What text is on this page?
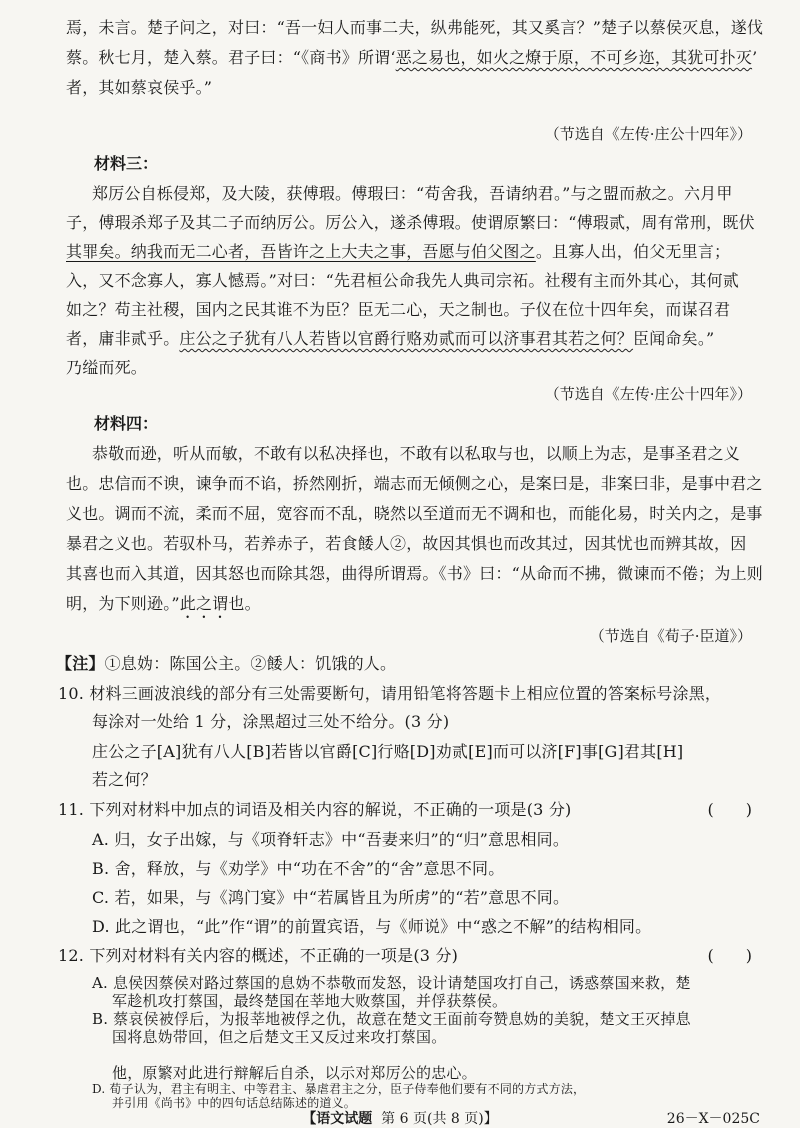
焉，未言。楚子问之，对曰：“吾一妇人而事二夫，纵弗能死，其又奚言？”楚子以蔡侯灭息，遂伐
蔡。秋七月，楚入蔡。君子曰：“《商书》所谓‘恶之易也，如火之燎于原，不可乡迩，其犹可扑灭’
者，其如蔡哀侯乎。”
（节选自《左传·庄公十四年》）
材料三：
郑厉公自栎侵郑，及大陵，获傅瑕。傅瑕曰：“苟舍我，吾请纳君。”与之盟而赦之。六月甲
子，傅瑕杀郑子及其二子而纳厉公。厉公入，遂杀傅瑕。使谓原繁曰：“傅瑕贰，周有常刑，既伏
其罪矣。纳我而无二心者，吾皆许之上大夫之事，吾愿与伯父图之。且寡人出，伯父无里言；
入，又不念寡人，寡人憾焉。”对曰：“先君桓公命我先人典司宗祏。社稷有主而外其心，其何贰
如之？苟主社稷，国内之民其谁不为臣？臣无二心，天之制也。子仪在位十四年矣，而谋召君
者，庸非贰乎。庄公之子犹有八人若皆以官爵行赂劝贰而可以济事君其若之何？臣闻命矣。”
乃缢而死。
（节选自《左传·庄公十四年》）
材料四：
恭敬而逊，听从而敏，不敢有以私决择也，不敢有以私取与也，以顺上为志，是事圣君之义
也。忠信而不谀，谏争而不谄，挢然刚折，端志而无倾侧之心，是案曰是，非案曰非，是事中君之
义也。调而不流，柔而不屈，宽容而不乱，晓然以至道而无不调和也，而能化易，时关内之，是事
暴君之义也。若驭朴马，若养赤子，若食餧人②，故因其惧也而改其过，因其忧也而辨其故，因
其喜也而入其道，因其怒也而除其怨，曲得所谓焉。《书》曰：“从命而不拂，微谏而不倦；为上则
明，为下则逊。”此之谓也。
（节选自《荀子·臣道》）
【注】①息妫：陈国公主。②餧人：饥饿的人。
10. 材料三画波浪线的部分有三处需要断句，请用铅笔将答题卡上相应位置的答案标号涂黑，
每涂对一处给 1 分，涂黑超过三处不给分。(3 分)
庄公之子[A]犹有八人[B]若皆以官爵[C]行赂[D]劝贰[E]而可以济[F]事[G]君其[H]
若之何？
11. 下列对材料中加点的词语及相关内容的解说，不正确的一项是(3 分)	(　　)
A. 归，女子出嫁，与《项脊轩志》中“吾妻来归”的“归”意思相同。
B. 舍，释放，与《劝学》中“功在不舍”的“舍”意思不同。
C. 若，如果，与《鸿门宴》中“若属皆且为所虏”的“若”意思不同。
D. 此之谓也，“此”作“谓”的前置宾语，与《师说》中“惑之不解”的结构相同。
12. 下列对材料有关内容的概述，不正确的一项是(3 分)	(　　)
【语文试题 第 6 页(共 8 页)】	26－X－025C
A. 息侯因蔡侯对路过蔡国的息妫不恭敬而发怒，设计请楚国攻打自己，诱惑蔡国来救，楚
军趁机攻打蔡国，最终楚国在莘地大败蔡国，并俘获蔡侯。
B. 蔡哀侯被俘后，为报莘地被俘之仇，故意在楚文王面前夸赞息妫的美貌，楚文王灭掉息
国将息妫带回，但之后楚文王又反过来攻打蔡国。
他，原繁对此进行辩解后自杀，以示对郑厉公的忠心。
D. 荀子认为，君主有明主、中等君主、暴虐君主之分，臣子侍奉他们要有不同的方式方法，
并引用《尚书》中的四句话总结陈述的道义。
